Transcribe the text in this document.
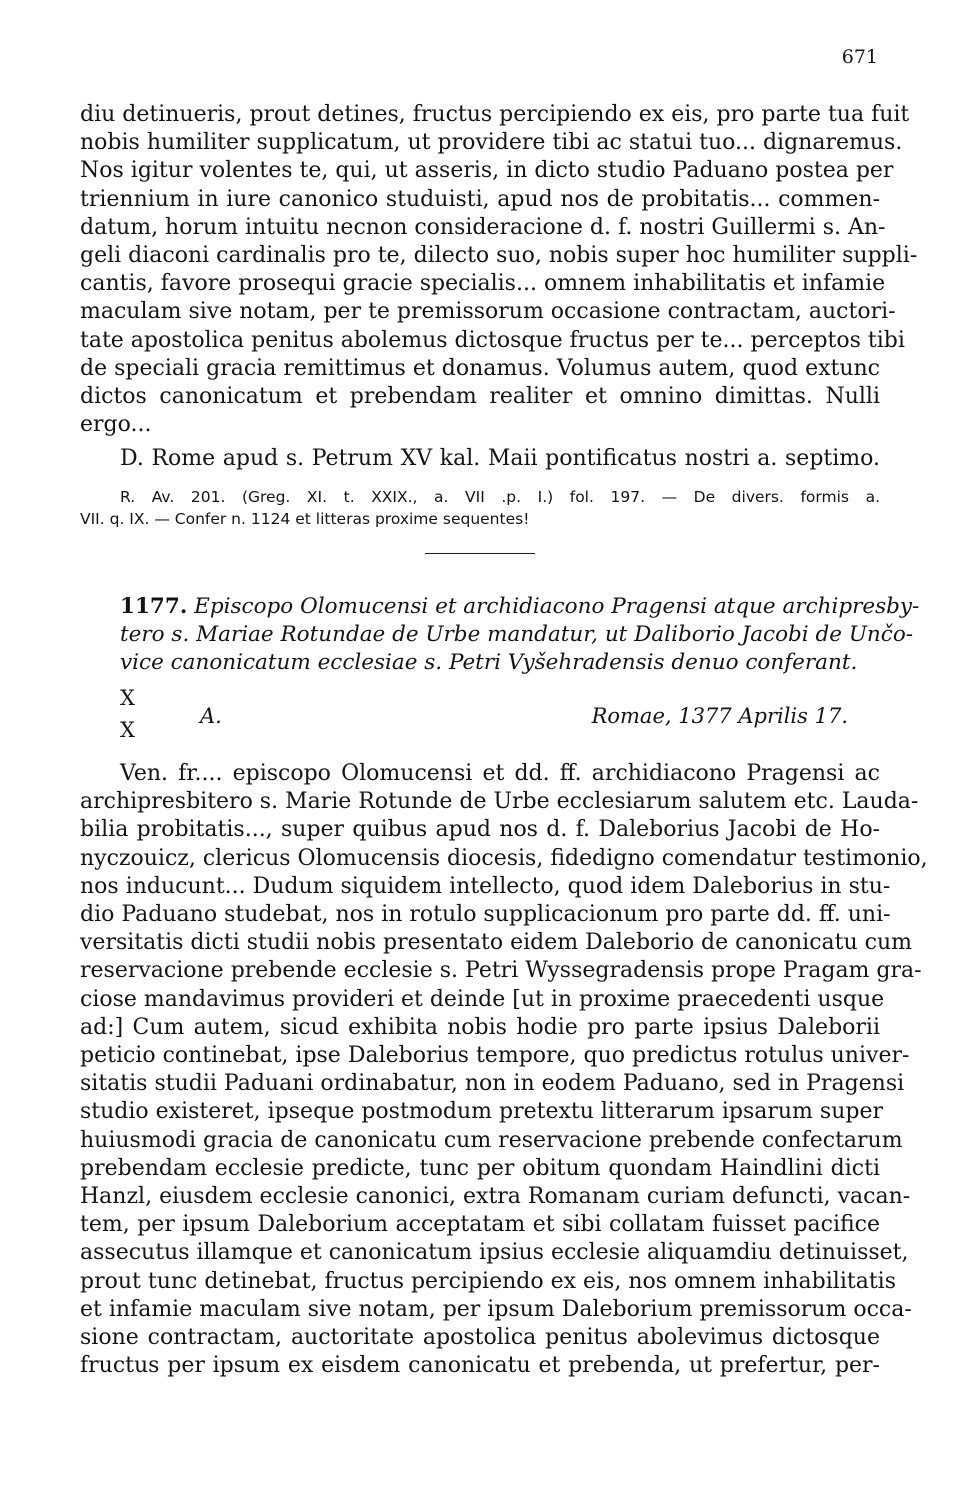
671
diu detinueris, prout detines, fructus percipiendo ex eis, pro parte tua fuit
nobis humiliter supplicatum, ut providere tibi ac statui tuo... dignaremus.
Nos igitur volentes te, qui, ut asseris, in dicto studio Paduano postea per
triennium in iure canonico studuisti, apud nos de probitatis... commen-
datum, horum intuitu necnon consideracione d. f. nostri Guillermi s. An-
geli diaconi cardinalis pro te, dilecto suo, nobis super hoc humiliter suppli-
cantis, favore prosequi gracie specialis... omnem inhabilitatis et infamie
maculam sive notam, per te premissorum occasione contractam, auctori-
tate apostolica penitus abolemus dictosque fructus per te... perceptos tibi
de speciali gracia remittimus et donamus. Volumus autem, quod extunc
dictos canonicatum et prebendam realiter et omnino dimittas. Nulli
ergo...
D. Rome apud s. Petrum XV kal. Maii pontificatus nostri a. septimo.
R. Av. 201. (Greg. XI. t. XXIX., a. VII .p. I.) fol. 197. — De divers. formis a.
VII. q. IX. — Confer n. 1124 et litteras proxime sequentes!
1177. Episcopo Olomucensi et archidiacono Pragensi atque archipresby-
tero s. Mariae Rotundae de Urbe mandatur, ut Daliborio Jacobi de Unčo-
vice canonicatum ecclesiae s. Petri Vyšehradensis denuo conferant.
X
X
A.	Romae, 1377 Aprilis 17.
Ven. fr.... episcopo Olomucensi et dd. ff. archidiacono Pragensi ac
archipresbitero s. Marie Rotunde de Urbe ecclesiarum salutem etc. Lauda-
bilia probitatis..., super quibus apud nos d. f. Daleborius Jacobi de Ho-
nyczouicz, clericus Olomucensis diocesis, fidedigno comendatur testimonio,
nos inducunt... Dudum siquidem intellecto, quod idem Daleborius in stu-
dio Paduano studebat, nos in rotulo supplicacionum pro parte dd. ff. uni-
versitatis dicti studii nobis presentato eidem Daleborio de canonicatu cum
reservacione prebende ecclesie s. Petri Wyssegradensis prope Pragam gra-
ciose mandavimus provideri et deinde [ut in proxime praecedenti usque
ad:] Cum autem, sicud exhibita nobis hodie pro parte ipsius Daleborii
peticio continebat, ipse Daleborius tempore, quo predictus rotulus univer-
sitatis studii Paduani ordinabatur, non in eodem Paduano, sed in Pragensi
studio existeret, ipseque postmodum pretextu litterarum ipsarum super
huiusmodi gracia de canonicatu cum reservacione prebende confectarum
prebendam ecclesie predicte, tunc per obitum quondam Haindlini dicti
Hanzl, eiusdem ecclesie canonici, extra Romanam curiam defuncti, vacan-
tem, per ipsum Daleborium acceptatam et sibi collatam fuisset pacifice
assecutus illamque et canonicatum ipsius ecclesie aliquamdiu detinuisset,
prout tunc detinebat, fructus percipiendo ex eis, nos omnem inhabilitatis
et infamie maculam sive notam, per ipsum Daleborium premissorum occa-
sione contractam, auctoritate apostolica penitus abolevimus dictosque
fructus per ipsum ex eisdem canonicatu et prebenda, ut prefertur, per-
